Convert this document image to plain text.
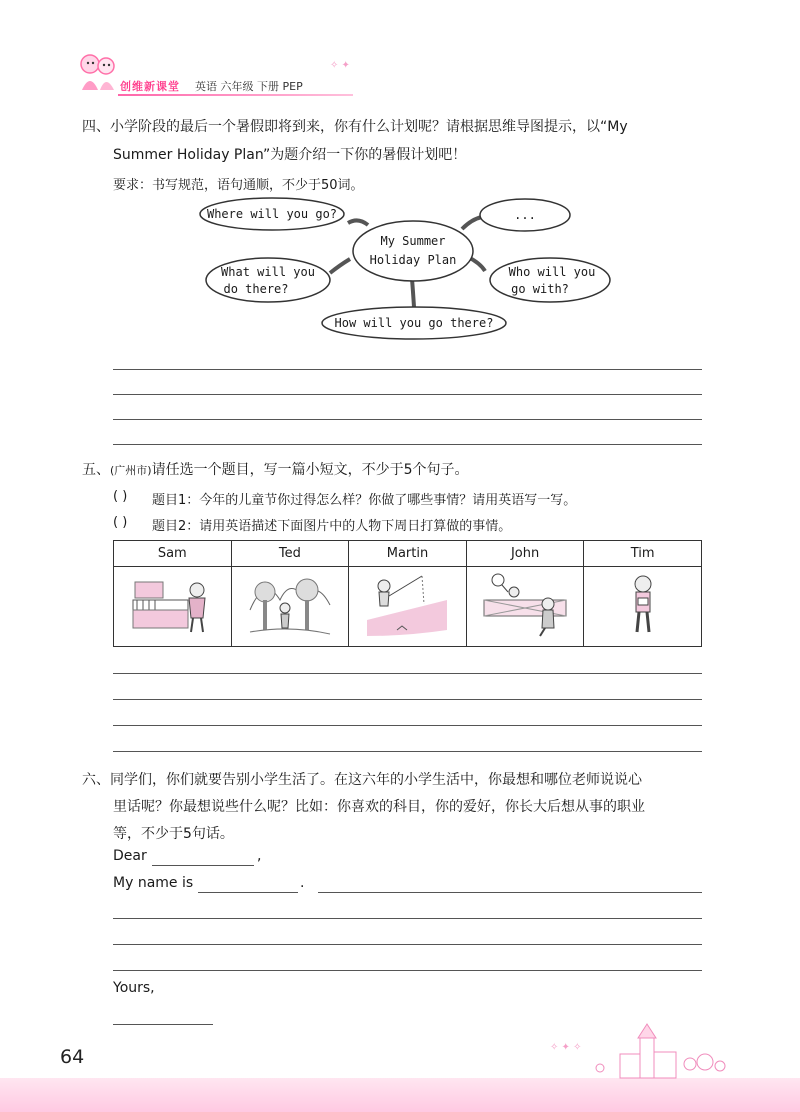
创维新课堂 英语 六年级 下册 PEP
✧ ✦
四、小学阶段的最后一个暑假即将到来，你有什么计划呢？请根据思维导图提示，以“My
Summer Holiday Plan”为题介绍一下你的暑假计划吧！
要求：书写规范，语句通顺，不少于50词。
My Summer
Holiday Plan
Where will you go?	...
What will you
do there?
Who will you
go with?
How will you go there?
五、(广州市)请任选一个题目，写一篇小短文，不少于5个句子。
( ) 题目1：今年的儿童节你过得怎么样？你做了哪些事情？请用英语写一写。
( ) 题目2：请用英语描述下面图片中的人物下周日打算做的事情。
Sam	Ted	Martin	John	Tim

六、同学们，你们就要告别小学生活了。在这六年的小学生活中，你最想和哪位老师说说心
里话呢？你最想说些什么呢？比如：你喜欢的科目，你的爱好，你长大后想从事的职业
等，不少于5句话。
Dear	,
My name is	.
Yours,
64	✧ ✦ ✧
